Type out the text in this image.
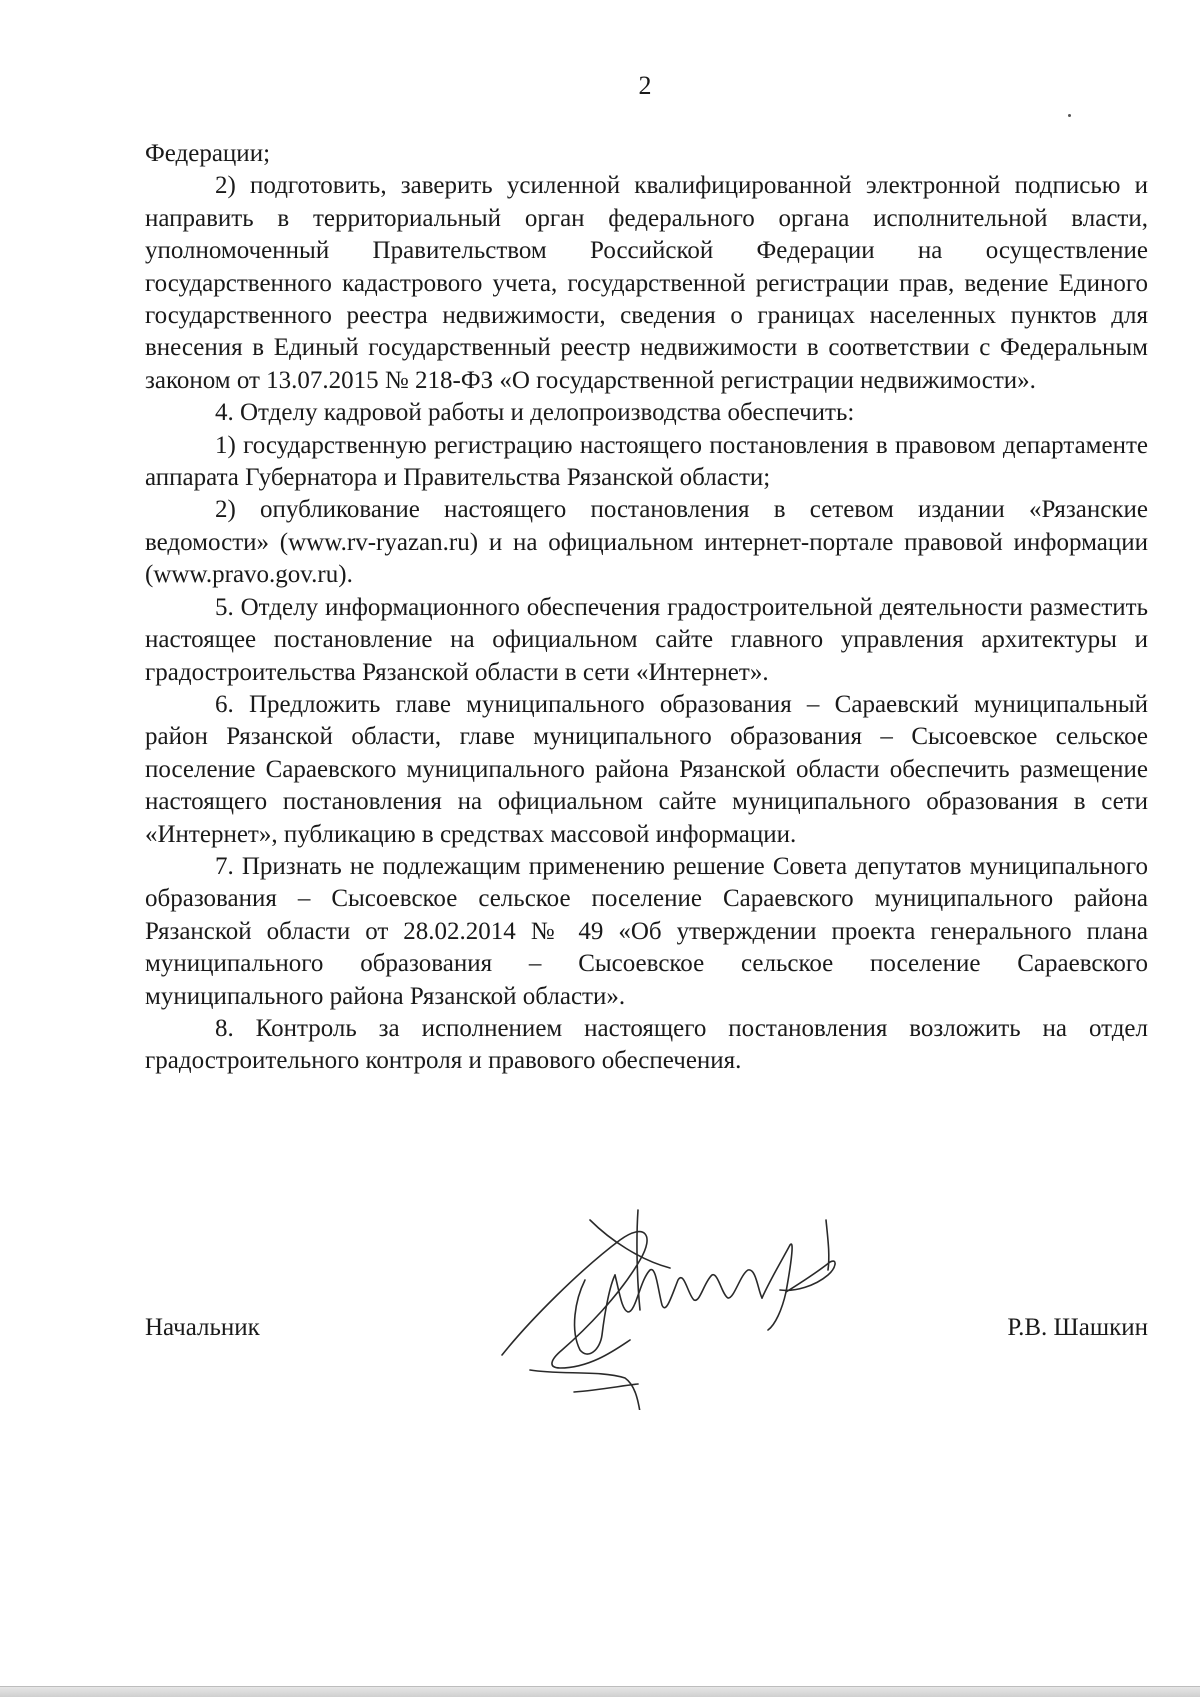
2

Федерации;

2) подготовить, заверить усиленной квалифицированной электронной подписью и направить в территориальный орган федерального органа исполнительной власти, уполномоченный Правительством Российской Федерации на осуществление государственного кадастрового учета, государственной регистрации прав, ведение Единого государственного реестра недвижимости, сведения о границах населенных пунктов для внесения в Единый государственный реестр недвижимости в соответствии с Федеральным законом от 13.07.2015 № 218-ФЗ «О государственной регистрации недвижимости».

4. Отделу кадровой работы и делопроизводства обеспечить:

1) государственную регистрацию настоящего постановления в правовом департаменте аппарата Губернатора и Правительства Рязанской области;

2) опубликование настоящего постановления в сетевом издании «Рязанские ведомости» (www.rv-ryazan.ru) и на официальном интернет-портале правовой информации (www.pravo.gov.ru).

5. Отделу информационного обеспечения градостроительной деятельности разместить настоящее постановление на официальном сайте главного управления архитектуры и градостроительства Рязанской области в сети «Интернет».

6. Предложить главе муниципального образования – Сараевский муниципальный район Рязанской области, главе муниципального образования – Сысоевское сельское поселение Сараевского муниципального района Рязанской области обеспечить размещение настоящего постановления на официальном сайте муниципального образования в сети «Интернет», публикацию в средствах массовой информации.

7. Признать не подлежащим применению решение Совета депутатов муниципального образования – Сысоевское сельское поселение Сараевского муниципального района Рязанской области от 28.02.2014 № 49 «Об утверждении проекта генерального плана муниципального образования – Сысоевское сельское поселение Сараевского муниципального района Рязанской области».

8. Контроль за исполнением настоящего постановления возложить на отдел градостроительного контроля и правового обеспечения.

Начальник	Р.В. Шашкин
